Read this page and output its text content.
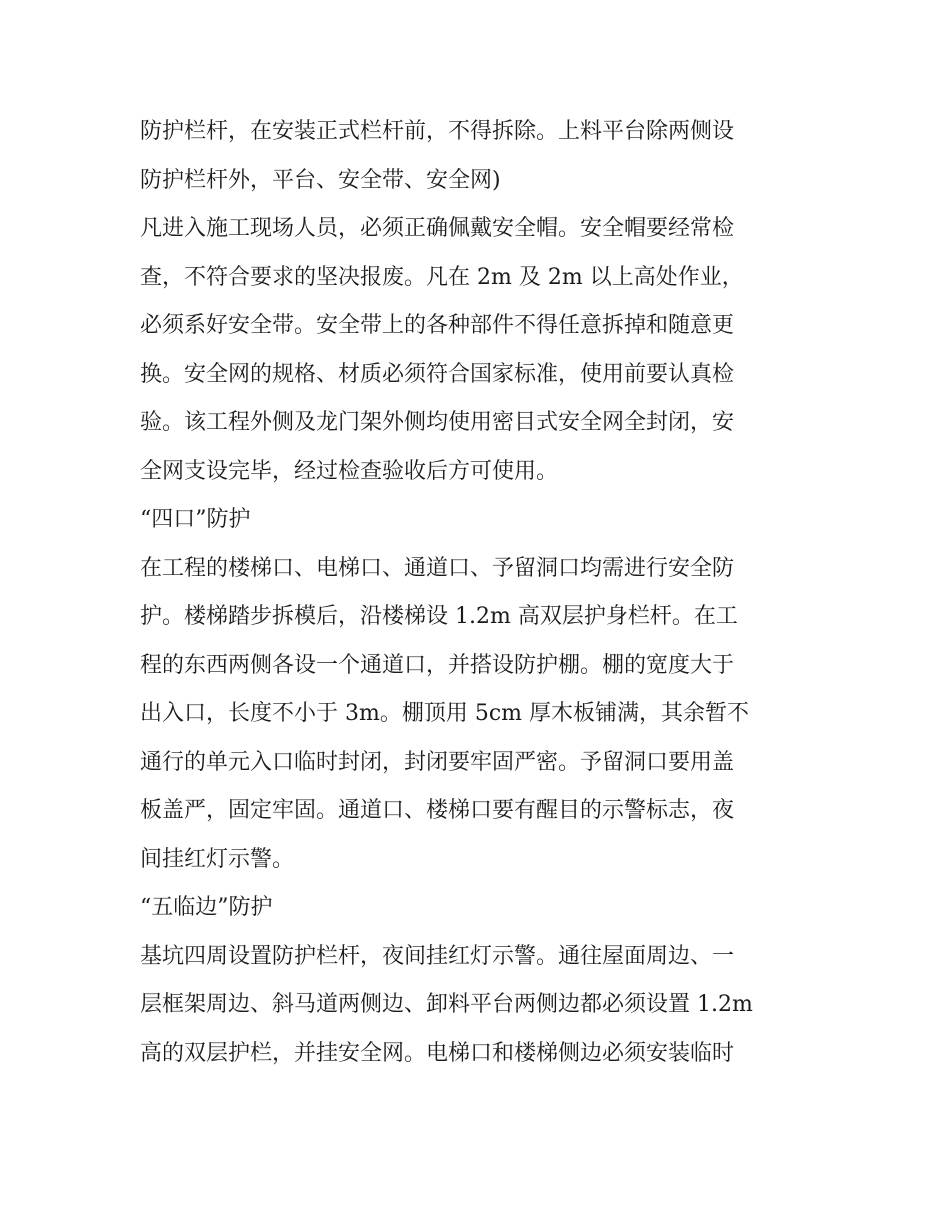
防护栏杆，在安装正式栏杆前，不得拆除。上料平台除两侧设
防护栏杆外，平台、安全带、安全网)
凡进入施工现场人员，必须正确佩戴安全帽。安全帽要经常检
查，不符合要求的坚决报废。凡在 2m 及 2m 以上高处作业，
必须系好安全带。安全带上的各种部件不得任意拆掉和随意更
换。安全网的规格、材质必须符合国家标准，使用前要认真检
验。该工程外侧及龙门架外侧均使用密目式安全网全封闭，安
全网支设完毕，经过检查验收后方可使用。
“四口”防护
在工程的楼梯口、电梯口、通道口、予留洞口均需进行安全防
护。楼梯踏步拆模后，沿楼梯设 1.2m 高双层护身栏杆。在工
程的东西两侧各设一个通道口，并搭设防护棚。棚的宽度大于
出入口，长度不小于 3m。棚顶用 5cm 厚木板铺满，其余暂不
通行的单元入口临时封闭，封闭要牢固严密。予留洞口要用盖
板盖严，固定牢固。通道口、楼梯口要有醒目的示警标志，夜
间挂红灯示警。
“五临边”防护
基坑四周设置防护栏杆，夜间挂红灯示警。通往屋面周边、一
层框架周边、斜马道两侧边、卸料平台两侧边都必须设置 1.2m
高的双层护栏，并挂安全网。电梯口和楼梯侧边必须安装临时
